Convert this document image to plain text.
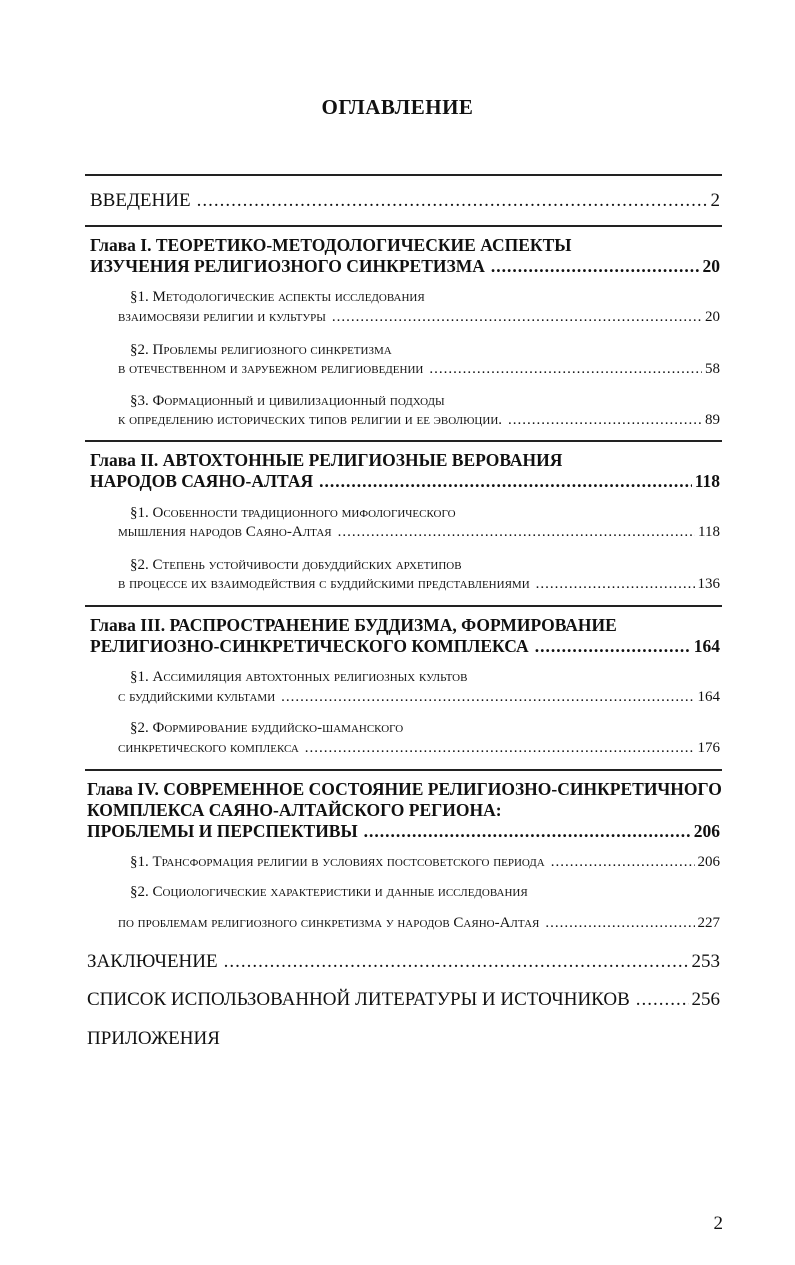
ОГЛАВЛЕНИЕ
ВВЕДЕНИЕ .....	2
Глава I. ТЕОРЕТИКО-МЕТОДОЛОГИЧЕСКИЕ АСПЕКТЫ
ИЗУЧЕНИЯ РЕЛИГИОЗНОГО СИНКРЕТИЗМА .....	20
§1. Методологические аспекты исследования
взаимосвязи религии и культуры .....	20
§2. Проблемы религиозного синкретизма
в отечественном и зарубежном религиоведении .....	58
§3. Формационный и цивилизационный подходы
к определению исторических типов религии и ее эволюции. .....	89
Глава II. АВТОХТОННЫЕ РЕЛИГИОЗНЫЕ ВЕРОВАНИЯ
НАРОДОВ САЯНО-АЛТАЯ .....	118
§1. Особенности традиционного мифологического
мышления народов Саяно-Алтая .....	118
§2. Степень устойчивости добуддийских архетипов
в процессе их взаимодействия с буддийскими представлениями .....	136
Глава III. РАСПРОСТРАНЕНИЕ БУДДИЗМА, ФОРМИРОВАНИЕ
РЕЛИГИОЗНО-СИНКРЕТИЧЕСКОГО КОМПЛЕКСА .....	164
§1. Ассимиляция автохтонных религиозных культов
с буддийскими культами .....	164
§2. Формирование буддийско-шаманского
синкретического комплекса .....	176
Глава IV. СОВРЕМЕННОЕ СОСТОЯНИЕ РЕЛИГИОЗНО-СИНКРЕТИЧНОГО
КОМПЛЕКСА САЯНО-АЛТАЙСКОГО РЕГИОНА:
ПРОБЛЕМЫ И ПЕРСПЕКТИВЫ .....	206
§1. Трансформация религии в условиях постсоветского периода .....	206
§2. Социологические характеристики и данные исследования
по проблемам религиозного синкретизма у народов Саяно-Алтая .....	227
ЗАКЛЮЧЕНИЕ .....	253
СПИСОК ИСПОЛЬЗОВАННОЙ ЛИТЕРАТУРЫ И ИСТОЧНИКОВ .....	256
ПРИЛОЖЕНИЯ
2
